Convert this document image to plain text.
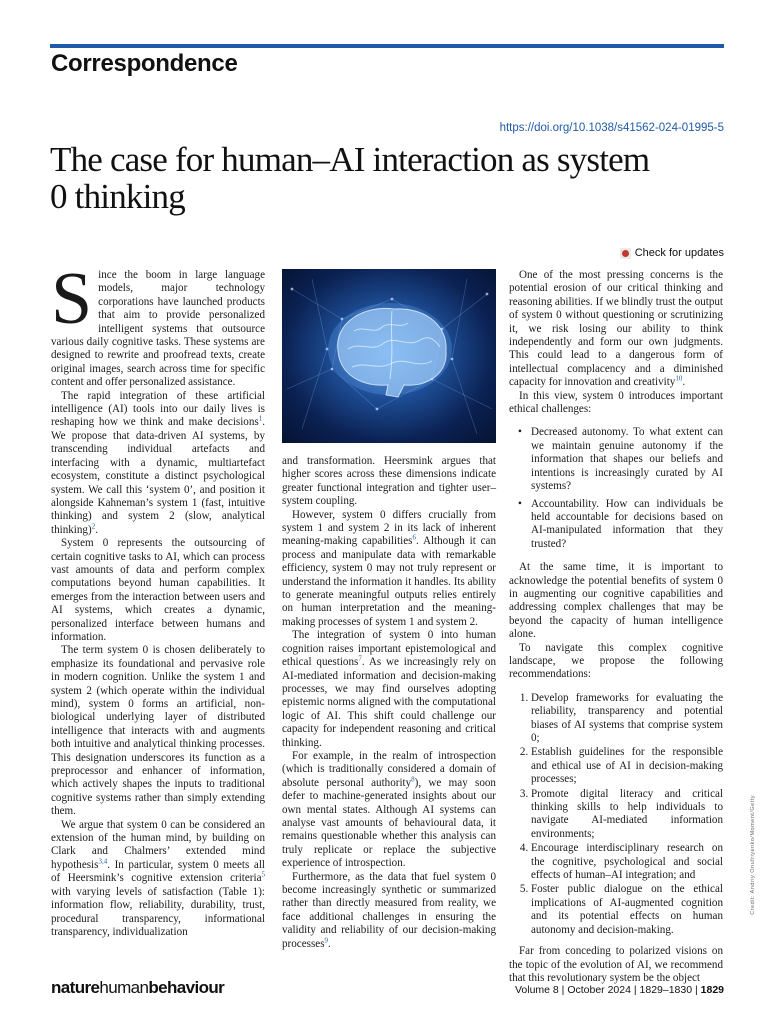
Correspondence
https://doi.org/10.1038/s41562-024-01995-5
The case for human–AI interaction as system 0 thinking
Check for updates

Since the boom in large language models, major technology corporations have launched products that aim to provide personalized intelligent systems that outsource various daily cognitive tasks. These systems are designed to rewrite and proofread texts, create original images, search across time for specific content and offer personalized assistance.

The rapid integration of these artificial intelligence (AI) tools into our daily lives is reshaping how we think and make decisions$^1$. We propose that data-driven AI systems, by transcending individual artefacts and interfacing with a dynamic, multiartefact ecosystem, constitute a distinct psychological system. We call this ‘system 0’, and position it alongside Kahneman’s system 1 (fast, intuitive thinking) and system 2 (slow, analytical thinking)$^2$.

System 0 represents the outsourcing of certain cognitive tasks to AI, which can process vast amounts of data and perform complex computations beyond human capabilities. It emerges from the interaction between users and AI systems, which creates a dynamic, personalized interface between humans and information.

The term system 0 is chosen deliberately to emphasize its foundational and pervasive role in modern cognition. Unlike the system 1 and system 2 (which operate within the individual mind), system 0 forms an artificial, non-biological underlying layer of distributed intelligence that interacts with and augments both intuitive and analytical thinking processes. This designation underscores its function as a preprocessor and enhancer of information, which actively shapes the inputs to traditional cognitive systems rather than simply extending them.

We argue that system 0 can be considered an extension of the human mind, by building on Clark and Chalmers’ extended mind hypothesis$^{3,4}$. In particular, system 0 meets all of Heersmink’s cognitive extension criteria$^5$ with varying levels of satisfaction (Table 1): information flow, reliability, durability, trust, procedural transparency, informational transparency, individualization

and transformation. Heersmink argues that higher scores across these dimensions indicate greater functional integration and tighter user–system coupling.

However, system 0 differs crucially from system 1 and system 2 in its lack of inherent meaning-making capabilities$^6$. Although it can process and manipulate data with remarkable efficiency, system 0 may not truly represent or understand the information it handles. Its ability to generate meaningful outputs relies entirely on human interpretation and the meaning-making processes of system 1 and system 2.

The integration of system 0 into human cognition raises important epistemological and ethical questions$^7$. As we increasingly rely on AI-mediated information and decision-making processes, we may find ourselves adopting epistemic norms aligned with the computational logic of AI. This shift could challenge our capacity for independent reasoning and critical thinking.

For example, in the realm of introspection (which is traditionally considered a domain of absolute personal authority$^8$), we may soon defer to machine-generated insights about our own mental states. Although AI systems can analyse vast amounts of behavioural data, it remains questionable whether this analysis can truly replicate or replace the subjective experience of introspection.

Furthermore, as the data that fuel system 0 become increasingly synthetic or summarized rather than directly measured from reality, we face additional challenges in ensuring the validity and reliability of our decision-making processes$^9$.

One of the most pressing concerns is the potential erosion of our critical thinking and reasoning abilities. If we blindly trust the output of system 0 without questioning or scrutinizing it, we risk losing our ability to think independently and form our own judgments. This could lead to a dangerous form of intellectual complacency and a diminished capacity for innovation and creativity$^{10}$.

In this view, system 0 introduces important ethical challenges:

• Decreased autonomy. To what extent can we maintain genuine autonomy if the information that shapes our beliefs and intentions is increasingly curated by AI systems?
• Accountability. How can individuals be held accountable for decisions based on AI-manipulated information that they trusted?

At the same time, it is important to acknowledge the potential benefits of system 0 in augmenting our cognitive capabilities and addressing complex challenges that may be beyond the capacity of human intelligence alone.

To navigate this complex cognitive landscape, we propose the following recommendations:

1. Develop frameworks for evaluating the reliability, transparency and potential biases of AI systems that comprise system 0;
2. Establish guidelines for the responsible and ethical use of AI in decision-making processes;
3. Promote digital literacy and critical thinking skills to help individuals to navigate AI-mediated information environments;
4. Encourage interdisciplinary research on the cognitive, psychological and social effects of human–AI integration; and
5. Foster public dialogue on the ethical implications of AI-augmented cognition and its potential effects on human autonomy and decision-making.

Far from conceding to polarized visions on the topic of the evolution of AI, we recommend that this revolutionary system be the object

Credit: Andriy Onufriyenko/Moment/Getty
naturehumanbehaviour	Volume 8 | October 2024 | 1829–1830 | 1829
